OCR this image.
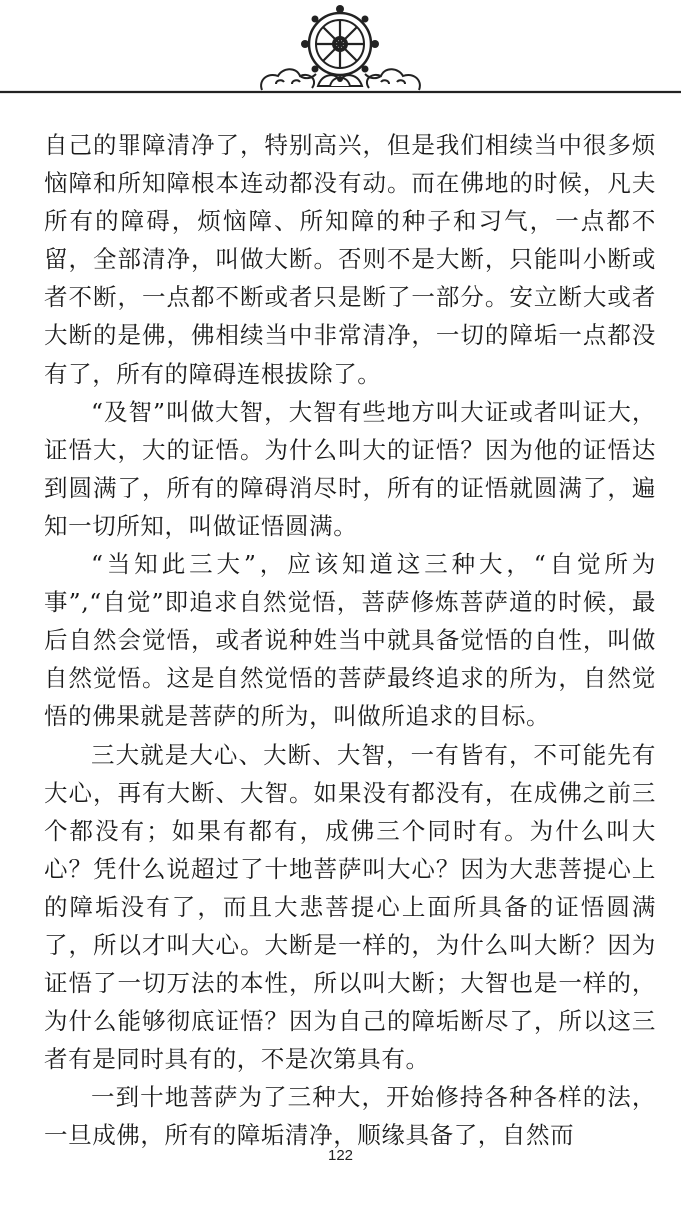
自己的罪障清净了，特别高兴，但是我们相续当中很多烦恼障和所知障根本连动都没有动。而在佛地的时候，凡夫所有的障碍，烦恼障、所知障的种子和习气，一点都不留，全部清净，叫做大断。否则不是大断，只能叫小断或者不断，一点都不断或者只是断了一部分。安立断大或者大断的是佛，佛相续当中非常清净，一切的障垢一点都没有了，所有的障碍连根拔除了。

“及智”叫做大智，大智有些地方叫大证或者叫证大，证悟大，大的证悟。为什么叫大的证悟？因为他的证悟达到圆满了，所有的障碍消尽时，所有的证悟就圆满了，遍知一切所知，叫做证悟圆满。

“当知此三大”，应该知道这三种大，“自觉所为事”,“自觉”即追求自然觉悟，菩萨修炼菩萨道的时候，最后自然会觉悟，或者说种姓当中就具备觉悟的自性，叫做自然觉悟。这是自然觉悟的菩萨最终追求的所为，自然觉悟的佛果就是菩萨的所为，叫做所追求的目标。

三大就是大心、大断、大智，一有皆有，不可能先有大心，再有大断、大智。如果没有都没有，在成佛之前三个都没有；如果有都有，成佛三个同时有。为什么叫大心？凭什么说超过了十地菩萨叫大心？因为大悲菩提心上的障垢没有了，而且大悲菩提心上面所具备的证悟圆满了，所以才叫大心。大断是一样的，为什么叫大断？因为证悟了一切万法的本性，所以叫大断；大智也是一样的，为什么能够彻底证悟？因为自己的障垢断尽了，所以这三者有是同时具有的，不是次第具有。

一到十地菩萨为了三种大，开始修持各种各样的法，一旦成佛，所有的障垢清净，顺缘具备了，自然而

122
